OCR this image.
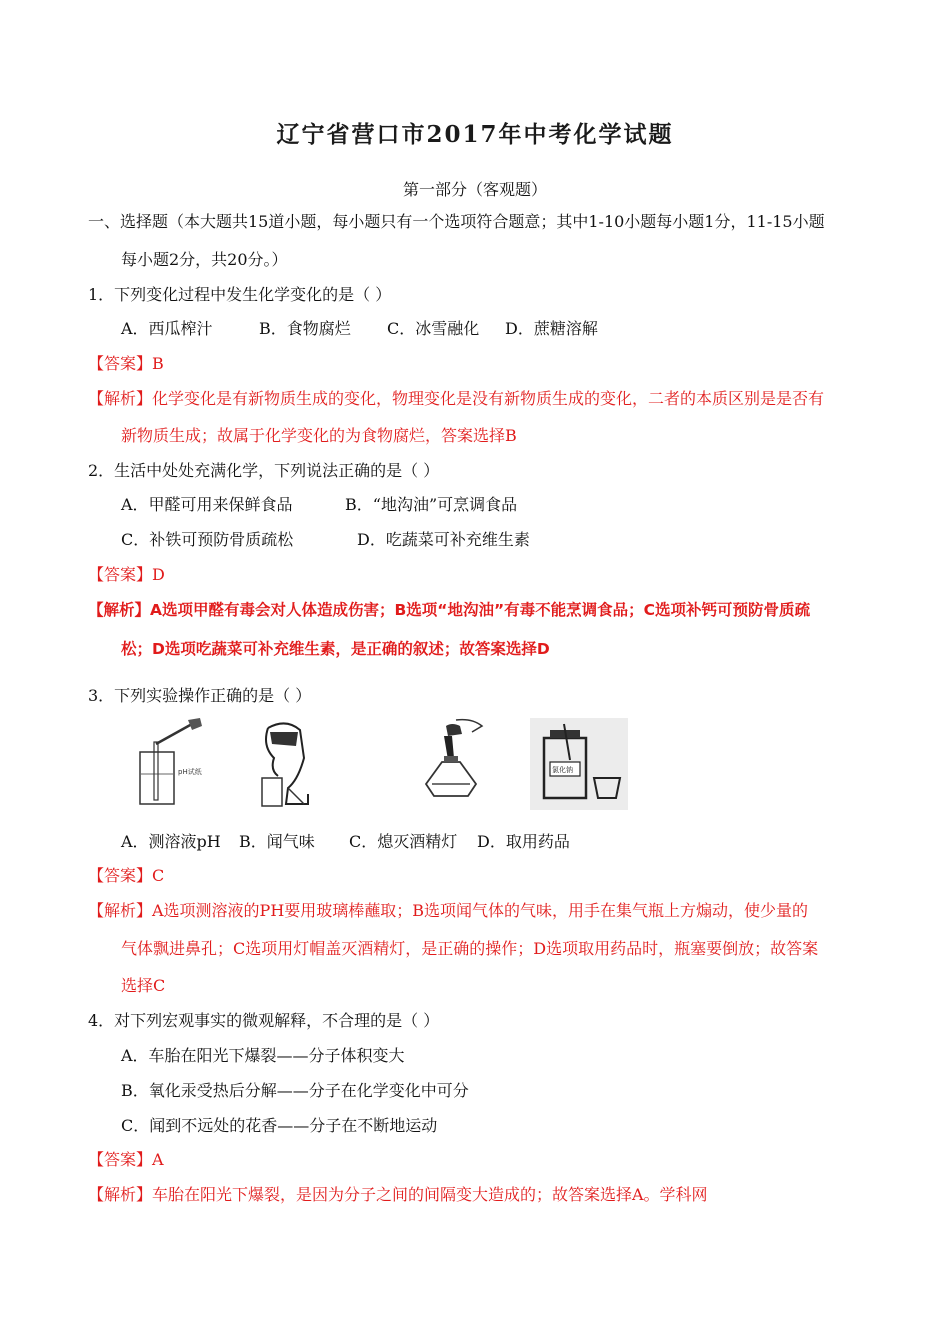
辽宁省营口市2017年中考化学试题
第一部分（客观题）
一、选择题（本大题共15道小题，每小题只有一个选项符合题意；其中1-10小题每小题1分，11-15小题
每小题2分，共20分。）
1．下列变化过程中发生化学变化的是（ ）
A．西瓜榨汁	B．食物腐烂 C．冰雪融化 D．蔗糖溶解
【答案】B
【解析】化学变化是有新物质生成的变化，物理变化是没有新物质生成的变化，二者的本质区别是是否有
新物质生成；故属于化学变化的为食物腐烂，答案选择B
2．生活中处处充满化学，下列说法正确的是（ ）
A．甲醛可用来保鲜食品	B．“地沟油”可烹调食品
C．补铁可预防骨质疏松	D．吃蔬菜可补充维生素
【答案】D
【解析】A选项甲醛有毒会对人体造成伤害；B选项“地沟油”有毒不能烹调食品；C选项补钙可预防骨质疏
松；D选项吃蔬菜可补充维生素，是正确的叙述；故答案选择D
3．下列实验操作正确的是（ ）
pH试纸	氯化钠
A．测溶液pH B．闻气味 C．熄灭酒精灯 D．取用药品
【答案】C
【解析】A选项测溶液的PH要用玻璃棒蘸取；B选项闻气体的气味，用手在集气瓶上方煽动，使少量的
气体飘进鼻孔；C选项用灯帽盖灭酒精灯，是正确的操作；D选项取用药品时，瓶塞要倒放；故答案
选择C
4．对下列宏观事实的微观解释，不合理的是（ ）
A．车胎在阳光下爆裂——分子体积变大
B．氧化汞受热后分解——分子在化学变化中可分
C．闻到不远处的花香——分子在不断地运动
【答案】A
【解析】车胎在阳光下爆裂，是因为分子之间的间隔变大造成的；故答案选择A。学科网
